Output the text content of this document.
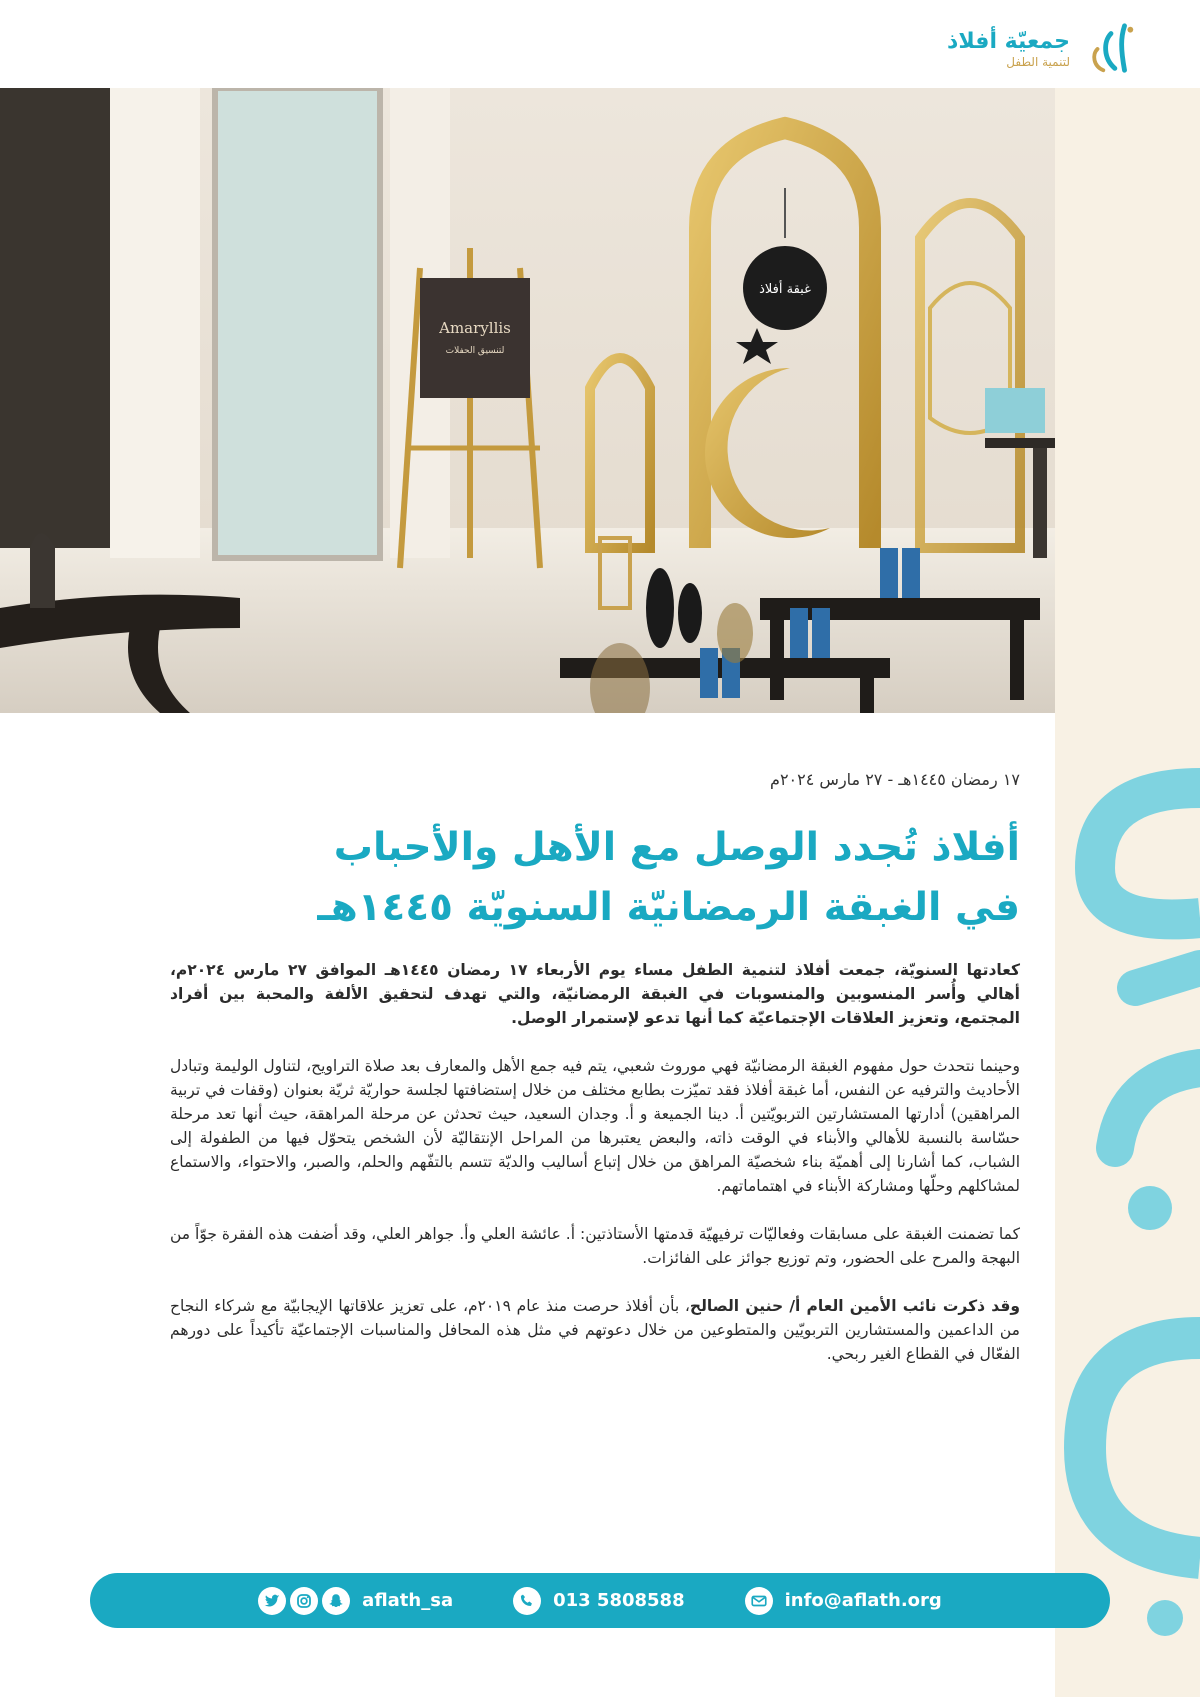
جمعيّة أفلاذ
لتنمية الطفل
Amaryllis
لتنسيق الحفلات
غبقة أفلاذ
١٧ رمضان ١٤٤٥هـ - ٢٧ مارس ٢٠٢٤م
أفلاذ تُجدد الوصل مع الأهل والأحباب
في الغبقة الرمضانيّة السنويّة ١٤٤٥هـ

كعادتها السنويّة، جمعت أفلاذ لتنمية الطفل مساء يوم الأربعاء ١٧ رمضان ١٤٤٥هـ الموافق ٢٧ مارس ٢٠٢٤م، أهالي وأُسر المنسوبين والمنسوبات في الغبقة الرمضانيّة، والتي تهدف لتحقيق الألفة والمحبة بين أفراد المجتمع، وتعزيز العلاقات الإجتماعيّة كما أنها تدعو لإستمرار الوصل.

وحينما نتحدث حول مفهوم الغبقة الرمضانيّة فهي موروث شعبي، يتم فيه جمع الأهل والمعارف بعد صلاة التراويح، لتناول الوليمة وتبادل الأحاديث والترفيه عن النفس، أما غبقة أفلاذ فقد تميّزت بطابع مختلف من خلال إستضافتها لجلسة حواريّة ثريّة بعنوان (وقفات في تربية المراهقين) أدارتها المستشارتين التربويّتين أ. دينا الجميعة و أ. وجدان السعيد، حيث تحدثن عن مرحلة المراهقة، حيث أنها تعد مرحلة حسّاسة بالنسبة للأهالي والأبناء في الوقت ذاته، والبعض يعتبرها من المراحل الإنتقاليّة لأن الشخص يتحوّل فيها من الطفولة إلى الشباب، كما أشارنا إلى أهميّة بناء شخصيّة المراهق من خلال إتباع أساليب والديّة تتسم بالتفّهم والحلم، والصبر، والاحتواء، والاستماع لمشاكلهم وحلّها ومشاركة الأبناء في اهتماماتهم.

كما تضمنت الغبقة على مسابقات وفعاليّات ترفيهيّة قدمتها الأستاذتين: أ. عائشة العلي وأ. جواهر العلي، وقد أضفت هذه الفقرة جوّاً من البهجة والمرح على الحضور، وتم توزيع جوائز على الفائزات.

وقد ذكرت نائب الأمين العام أ/ حنين الصالح، بأن أفلاذ حرصت منذ عام ٢٠١٩م، على تعزيز علاقاتها الإيجابيّة مع شركاء النجاح من الداعمين والمستشارين التربويّين والمتطوعين من خلال دعوتهم في مثل هذه المحافل والمناسبات الإجتماعيّة تأكيداً على دورهم الفعّال في القطاع الغير ربحي.

aflath_sa	013 5808588	info@aflath.org
